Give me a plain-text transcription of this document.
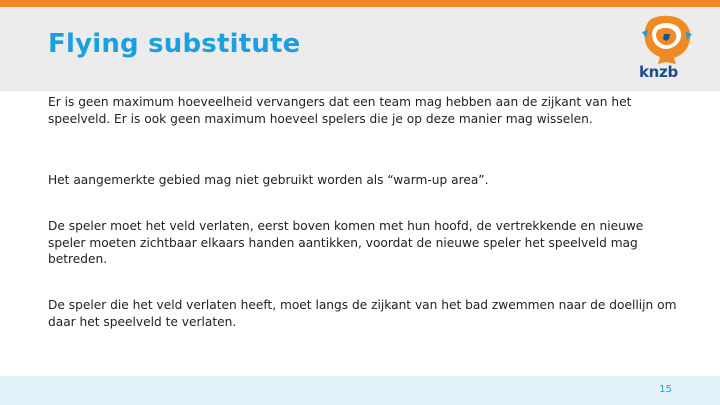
Flying substitute
knzb

Er is geen maximum hoeveelheid vervangers dat een team mag hebben aan de zijkant van het speelveld. Er is ook geen maximum hoeveel spelers die je op deze manier mag wisselen.

Het aangemerkte gebied mag niet gebruikt worden als “warm-up area”.

De speler moet het veld verlaten, eerst boven komen met hun hoofd, de vertrekkende en nieuwe speler moeten zichtbaar elkaars handen aantikken, voordat de nieuwe speler het speelveld mag betreden.

De speler die het veld verlaten heeft, moet langs de zijkant van het bad zwemmen naar de doellijn om daar het speelveld te verlaten.

15
